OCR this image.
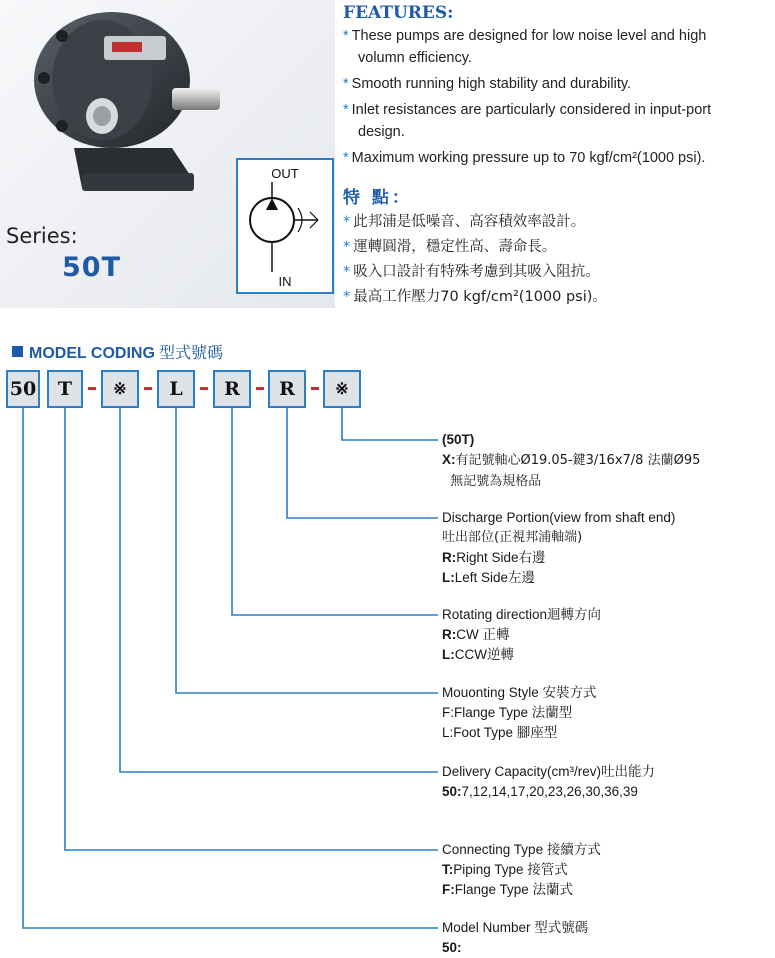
Series:
50T
OUT
IN
FEATURES:
* These pumps are designed for low noise level and high
volumn efficiency.
* Smooth running high stability and durability.
* Inlet resistances are particularly considered in input-port
design.
* Maximum working pressure up to 70 kgf/cm²(1000 psi).
特 點：
* 此邦浦是低噪音、高容積效率設計。
* 運轉圓滑，穩定性高、壽命長。
* 吸入口設計有特殊考慮到其吸入阻抗。
* 最高工作壓力70 kgf/cm²(1000 psi)。
MODEL CODING 型式號碼
50	T	※	L	R	R	※
(50T)
X:有記號軸心Ø19.05-鍵3/16x7/8 法蘭Ø95
無記號為規格品
Discharge Portion(view from shaft end)
吐出部位(正視邦浦軸端)
R:Right Side右邊
L:Left Side左邊
Rotating direction迴轉方向
R:CW 正轉
L:CCW逆轉
Mouonting Style 安裝方式
F:Flange Type 法蘭型
L:Foot Type 腳座型
Delivery Capacity(cm³/rev)吐出能力
50:7,12,14,17,20,23,26,30,36,39
Connecting Type 接續方式
T:Piping Type 接管式
F:Flange Type 法蘭式
Model Number 型式號碼
50:
